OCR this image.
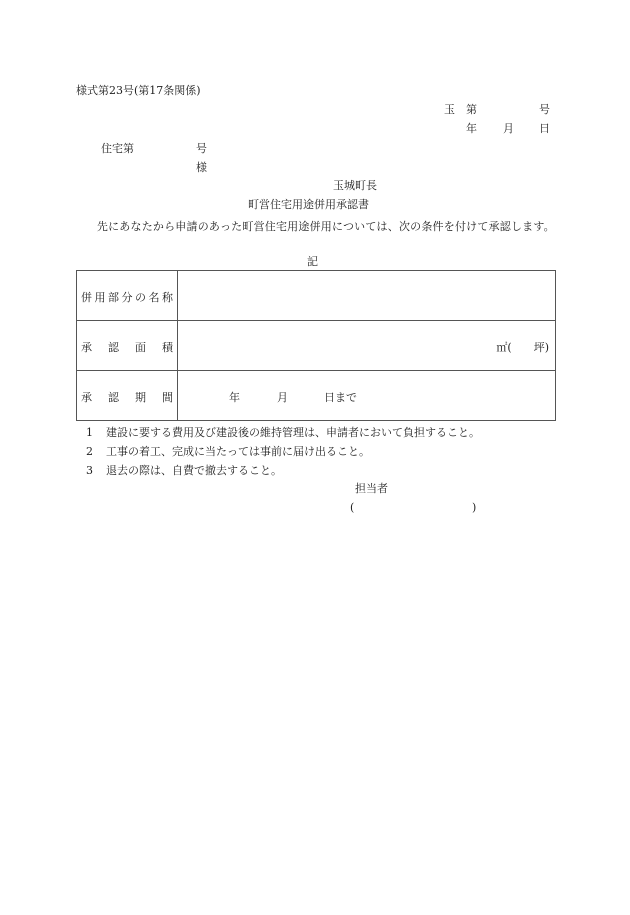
様式第23号(第17条関係)
玉 第	号
年 月 日
住宅第	号
様
玉城町長
町営住宅用途併用承認書
先にあなたから申請のあった町営住宅用途併用については、次の条件を付けて承認します。
記
併 用 部 分 の 名 称
承 認 面 積	㎡(　　坪)
承 認 期 間	年	月	日まで
1 建設に要する費用及び建設後の維持管理は、申請者において負担すること。
2 工事の着工、完成に当たっては事前に届け出ること。
3 退去の際は、自費で撤去すること。
担当者
(	)
